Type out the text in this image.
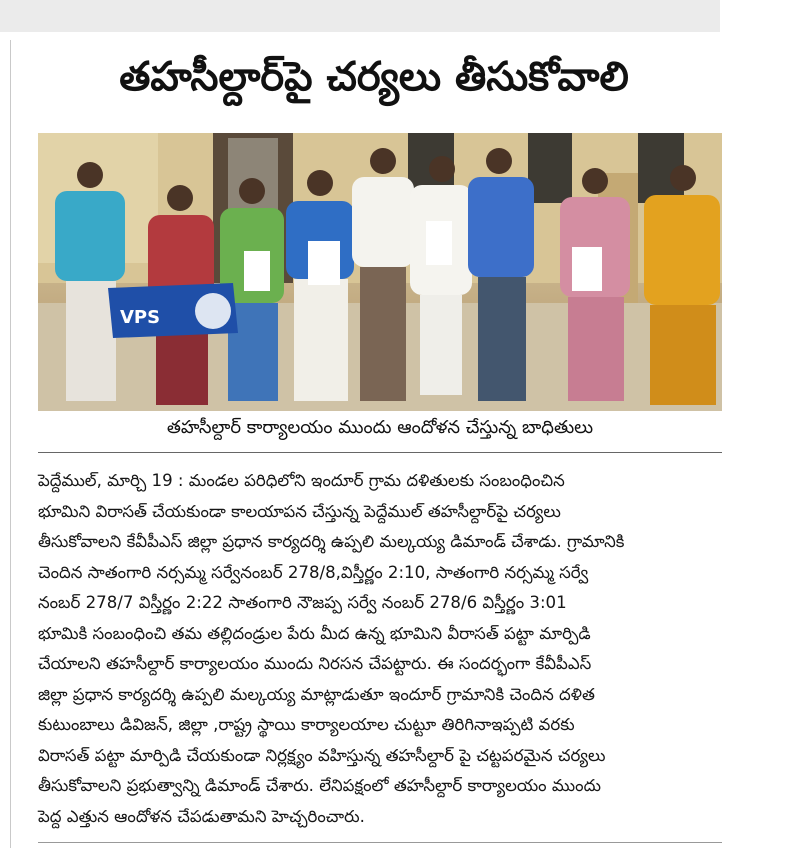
తహసీల్దార్‌పై చర్యలు తీసుకోవాలి
VPS

తహసీల్దార్ కార్యాలయం ముందు ఆందోళన చేస్తున్న బాధితులు

పెద్దేముల్, మార్చి 19 : మండల పరిధిలోని ఇందూర్ గ్రామ దళితులకు సంబంధించిన
భూమిని విరాసత్ చేయకుండా కాలయాపన చేస్తున్న పెద్దేముల్ తహసీల్దార్‌పై చర్యలు
తీసుకోవాలని కేవీపీఎస్ జిల్లా ప్రధాన కార్యదర్శి ఉప్పలి మల్కయ్య డిమాండ్ చేశాడు. గ్రామానికి
చెందిన సాతంగారి నర్సమ్మ సర్వేనంబర్ 278/8,విస్తీర్ణం 2:10, సాతంగారి నర్సమ్మ సర్వే
నంబర్ 278/7 విస్తీర్ణం 2:22 సాతంగారి నౌజప్ప సర్వే నంబర్ 278/6 విస్తీర్ణం 3:01
భూమికి సంబంధించి తమ తల్లిదండ్రుల పేరు మీద ఉన్న భూమిని వీరాసత్ పట్టా మార్పిడి
చేయాలని తహసీల్దార్ కార్యాలయం ముందు నిరసన చేపట్టారు. ఈ సందర్భంగా కేవీపీఎస్
జిల్లా ప్రధాన కార్యదర్శి ఉప్పలి మల్కయ్య మాట్లాడుతూ ఇందూర్ గ్రామానికి చెందిన దళిత
కుటుంబాలు డివిజన్, జిల్లా ,రాష్ట్ర స్థాయి కార్యాలయాల చుట్టూ తిరిగినాఇప్పటి వరకు
విరాసత్ పట్టా మార్పిడి చేయకుండా నిర్లక్ష్యం వహిస్తున్న తహసీల్దార్ పై చట్టపరమైన చర్యలు
తీసుకోవాలని ప్రభుత్వాన్ని డిమాండ్ చేశారు. లేనిపక్షంలో తహసీల్దార్ కార్యాలయం ముందు
పెద్ద ఎత్తున ఆందోళన చేపడుతామని హెచ్చరించారు.
